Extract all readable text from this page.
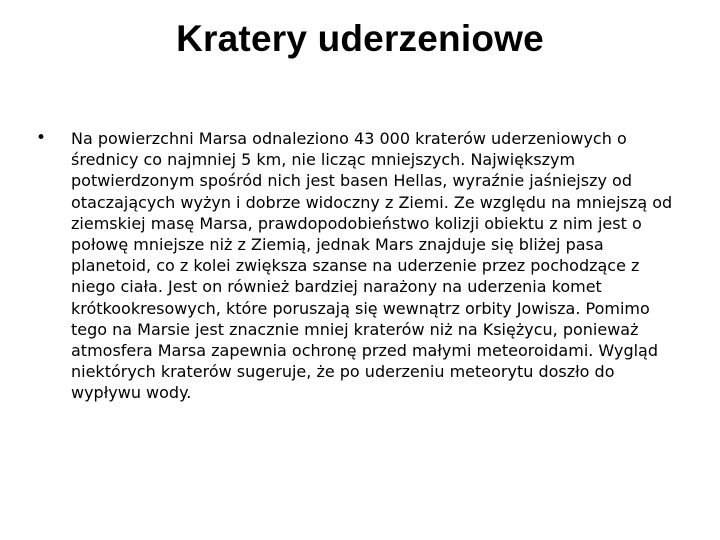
Kratery uderzeniowe
• Na powierzchni Marsa odnaleziono 43 000 kraterów uderzeniowych o średnicy co najmniej 5 km, nie licząc mniejszych. Największym potwierdzonym spośród nich jest basen Hellas, wyraźnie jaśniejszy od otaczających wyżyn i dobrze widoczny z Ziemi. Ze względu na mniejszą od ziemskiej masę Marsa, prawdopodobieństwo kolizji obiektu z nim jest o połowę mniejsze niż z Ziemią, jednak Mars znajduje się bliżej pasa planetoid, co z kolei zwiększa szanse na uderzenie przez pochodzące z niego ciała. Jest on również bardziej narażony na uderzenia komet krótkookresowych, które poruszają się wewnątrz orbity Jowisza. Pomimo tego na Marsie jest znacznie mniej kraterów niż na Księżycu, ponieważ atmosfera Marsa zapewnia ochronę przed małymi meteoroidami. Wygląd niektórych kraterów sugeruje, że po uderzeniu meteorytu doszło do wypływu wody.
